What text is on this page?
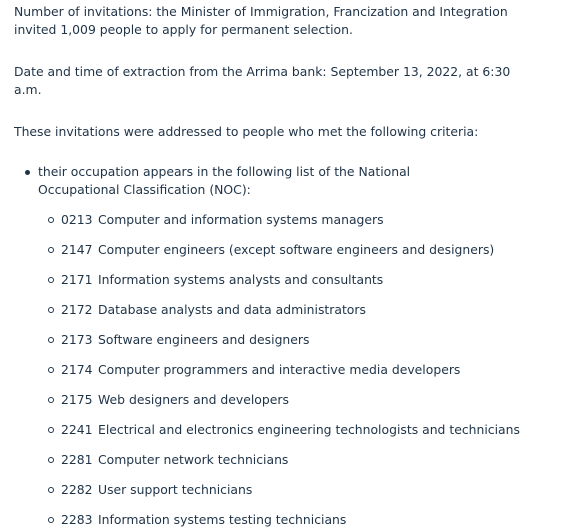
Number of invitations: the Minister of Immigration, Francization and Integration invited 1,009 people to apply for permanent selection.

Date and time of extraction from the Arrima bank: September 13, 2022, at 6:30 a.m.

These invitations were addressed to people who met the following criteria:

their occupation appears in the following list of the National Occupational Classification (NOC):
0213 Computer and information systems managers
2147 Computer engineers (except software engineers and designers)
2171 Information systems analysts and consultants
2172 Database analysts and data administrators
2173 Software engineers and designers
2174 Computer programmers and interactive media developers
2175 Web designers and developers
2241 Electrical and electronics engineering technologists and technicians
2281 Computer network technicians
2282 User support technicians
2283 Information systems testing technicians
